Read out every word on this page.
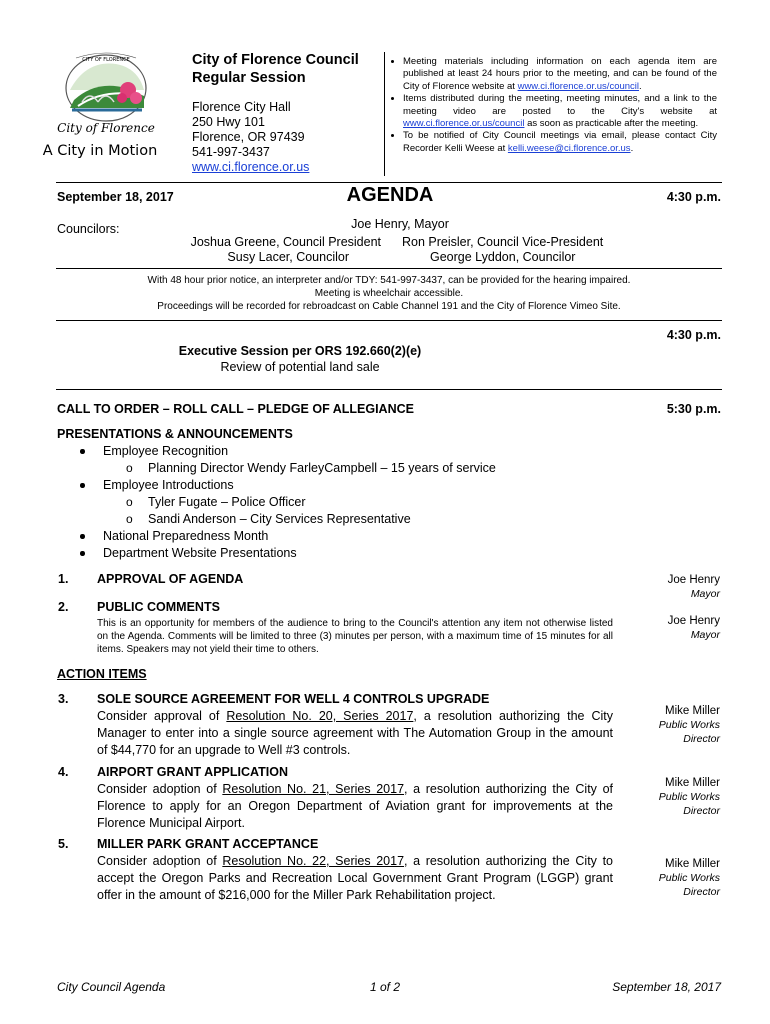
CITY OF FLORENCE
City of Florence
A City in Motion
City of Florence Council
Regular Session
Florence City Hall
250 Hwy 101
Florence, OR 97439
541-997-3437
www.ci.florence.or.us
• Meeting materials including information on each agenda item are published at least 24 hours prior to the meeting, and can be found of the City of Florence website at www.ci.florence.or.us/council.
• Items distributed during the meeting, meeting minutes, and a link to the meeting video are posted to the City's website at www.ci.florence.or.us/council as soon as practicable after the meeting.
• To be notified of City Council meetings via email, please contact City Recorder Kelli Weese at kelli.weese@ci.florence.or.us.
September 18, 2017	AGENDA	4:30 p.m.
Councilors:	Joe Henry, Mayor
Joshua Greene, Council President Ron Preisler, Council Vice-President
Susy Lacer, Councilor	George Lyddon, Councilor
With 48 hour prior notice, an interpreter and/or TDY: 541-997-3437, can be provided for the hearing impaired.
Meeting is wheelchair accessible.
Proceedings will be recorded for rebroadcast on Cable Channel 191 and the City of Florence Vimeo Site.
4:30 p.m.
Executive Session per ORS 192.660(2)(e)
Review of potential land sale
CALL TO ORDER – ROLL CALL – PLEDGE OF ALLEGIANCE	5:30 p.m.
PRESENTATIONS & ANNOUNCEMENTS
Employee Recognition
o Planning Director Wendy FarleyCampbell – 15 years of service
Employee Introductions
o Tyler Fugate – Police Officer
o Sandi Anderson – City Services Representative
National Preparedness Month
Department Website Presentations
1. APPROVAL OF AGENDA	Joe Henry
Mayor
2. PUBLIC COMMENTS
This is an opportunity for members of the audience to bring to the Council's attention any item not otherwise listed on the Agenda. Comments will be limited to three (3) minutes per person, with a maximum time of 15 minutes for all items. Speakers may not yield their time to others.
Joe Henry
Mayor
ACTION ITEMS
3. SOLE SOURCE AGREEMENT FOR WELL 4 CONTROLS UPGRADE
Consider approval of Resolution No. 20, Series 2017, a resolution authorizing the City Manager to enter into a single source agreement with The Automation Group in the amount of $44,770 for an upgrade to Well #3 controls.
Mike Miller
Public Works
Director
4. AIRPORT GRANT APPLICATION
Consider adoption of Resolution No. 21, Series 2017, a resolution authorizing the City of Florence to apply for an Oregon Department of Aviation grant for improvements at the Florence Municipal Airport.
Mike Miller
Public Works
Director
5. MILLER PARK GRANT ACCEPTANCE
Consider adoption of Resolution No. 22, Series 2017, a resolution authorizing the City to accept the Oregon Parks and Recreation Local Government Grant Program (LGGP) grant offer in the amount of $216,000 for the Miller Park Rehabilitation project.
Mike Miller
Public Works
Director
City Council Agenda	1 of 2	September 18, 2017
